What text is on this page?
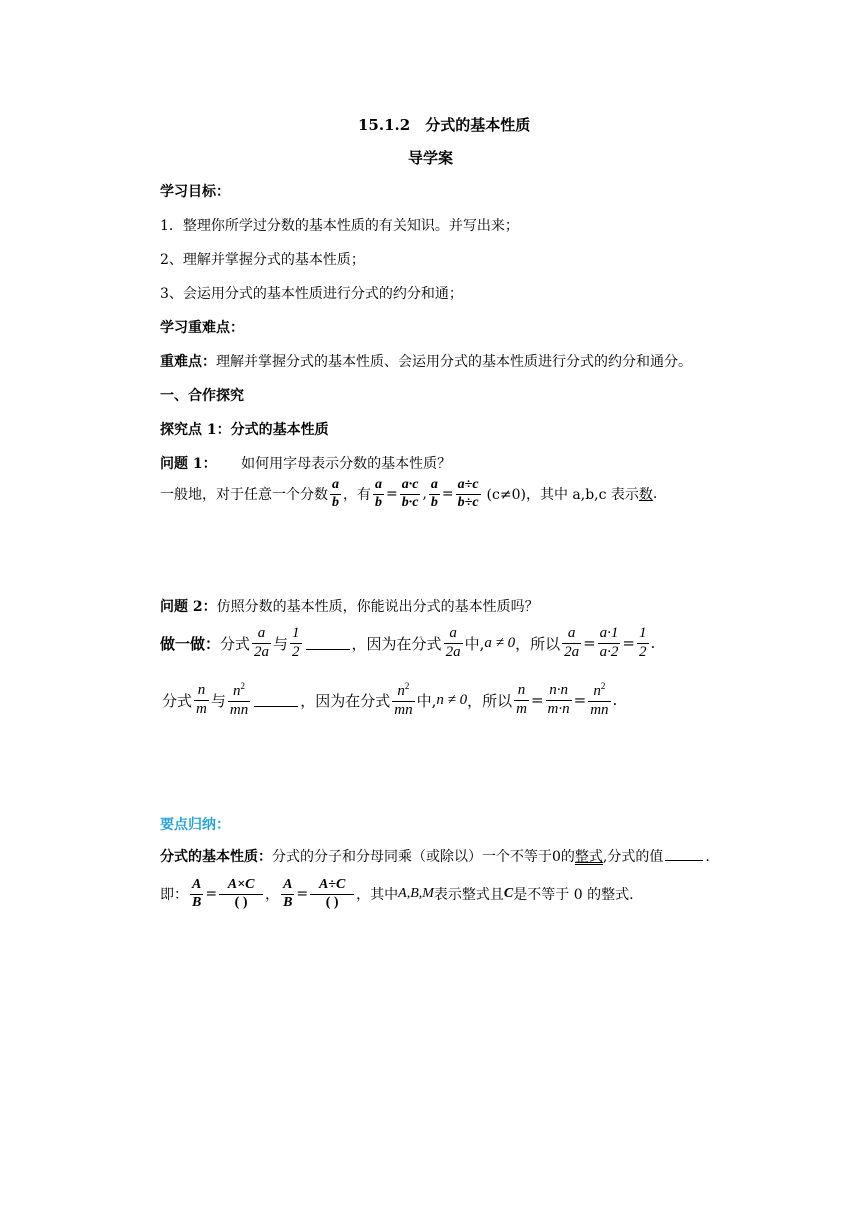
15.1.2　分式的基本性质
导学案
学习目标：
1．整理你所学过分数的基本性质的有关知识。并写出来；
2、理解并掌握分式的基本性质；
3、会运用分式的基本性质进行分式的约分和通；
学习重难点：
重难点：理解并掌握分式的基本性质、会运用分式的基本性质进行分式的约分和通分。
一、合作探究
探究点 1：分式的基本性质
问题 1： 如何用字母表示分数的基本性质？
一般地，对于任意一个分数 $\frac{a}{b}$ ，有 $\frac{a}{b} = \frac{a\cdot c}{b\cdot c}$ , $\frac{a}{b} = \frac{a\div c}{b\div c} (c\ne 0)$，其中 a,b,c 表示 数 .
问题 2：仿照分数的基本性质，你能说出分式的基本性质吗？
做一做： 分式 $\frac{a}{2a}$ 与 $\frac{1}{2}$	，因为在分式 $\frac{a}{2a}$ 中, a ≠ 0 ，所以 $\frac{a}{2a} = \frac{a\cdot 1}{a\cdot 2} = \frac{1}{2}$ .
分式 $\frac{n}{m}$ 与 $\frac{n^2}{mn}$	，因为在分式 $\frac{n^2}{mn}$ 中, n ≠ 0 ，所以 $\frac{n}{m} = \frac{n\cdot n}{m\cdot n} = \frac{n^2}{mn}$ .
要点归纳：
分式的基本性质：分式的分子和分母同乘（或除以）一个不等于0的整式,分式的值	.
即： $\frac{A}{B} = \frac{A\times C}{( )}$ ， $\frac{A}{B} = \frac{A\div C}{( )}$ ，其中 A,B,M 表示整式且 C 是不等于 0 的整式.
